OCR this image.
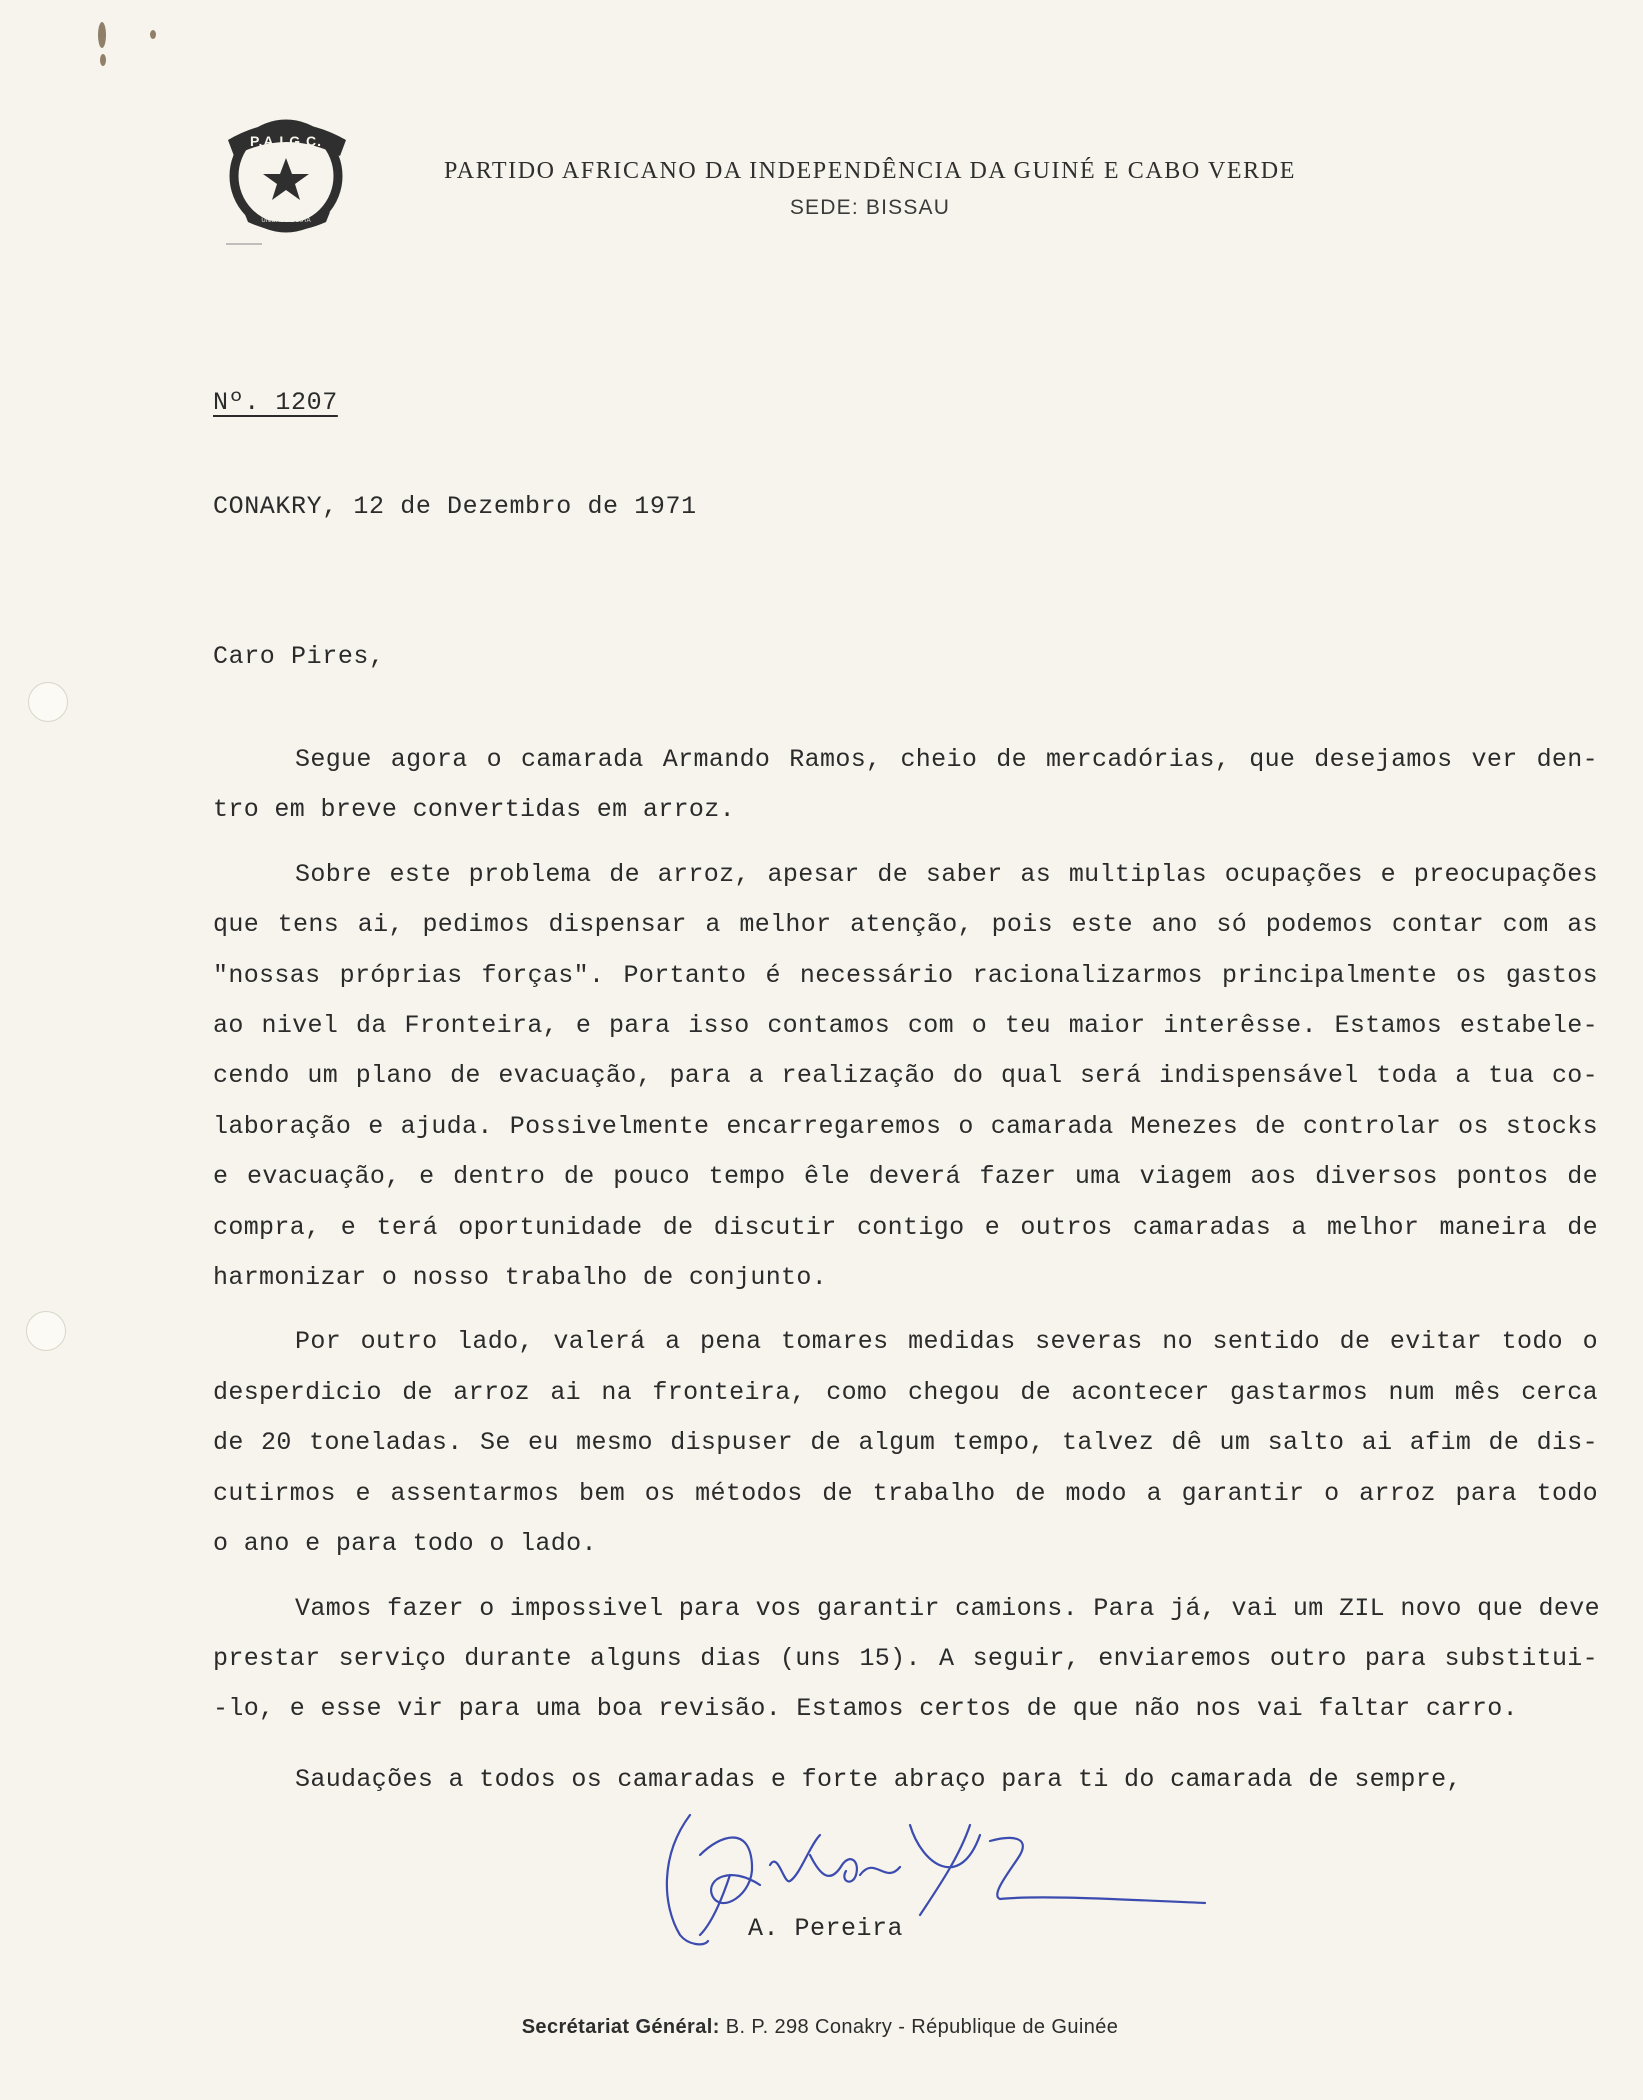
P.A.I.G.C.
UNIDADE E LUTA
PARTIDO AFRICANO DA INDEPENDÊNCIA DA GUINÉ E CABO VERDE
SEDE: BISSAU
Nº. 1207
CONAKRY, 12 de Dezembro de 1971
Caro Pires,
Segue agora o camarada Armando Ramos, cheio de mercadórias, que desejamos ver den-
tro em breve convertidas em arroz.
Sobre este problema de arroz, apesar de saber as multiplas ocupações e preocupações
que tens ai, pedimos dispensar a melhor atenção, pois este ano só podemos contar com as
"nossas próprias forças". Portanto é necessário racionalizarmos principalmente os gastos
ao nivel da Fronteira, e para isso contamos com o teu maior interêsse. Estamos estabele-
cendo um plano de evacuação, para a realização do qual será indispensável toda a tua co-
laboração e ajuda. Possivelmente encarregaremos o camarada Menezes de controlar os stocks
e evacuação, e dentro de pouco tempo êle deverá fazer uma viagem aos diversos pontos de
compra, e terá oportunidade de discutir contigo e outros camaradas a melhor maneira de
harmonizar o nosso trabalho de conjunto.
Por outro lado, valerá a pena tomares medidas severas no sentido de evitar todo o
desperdicio de arroz ai na fronteira, como chegou de acontecer gastarmos num mês cerca
de 20 toneladas. Se eu mesmo dispuser de algum tempo, talvez dê um salto ai afim de dis-
cutirmos e assentarmos bem os métodos de trabalho de modo a garantir o arroz para todo
o ano e para todo o lado.
Vamos fazer o impossivel para vos garantir camions. Para já, vai um ZIL novo que deve
prestar serviço durante alguns dias (uns 15). A seguir, enviaremos outro para substitui-
-lo, e esse vir para uma boa revisão. Estamos certos de que não nos vai faltar carro.
Saudações a todos os camaradas e forte abraço para ti do camarada de sempre,
A. Pereira
Secrétariat Général: B. P. 298 Conakry - République de Guinée
